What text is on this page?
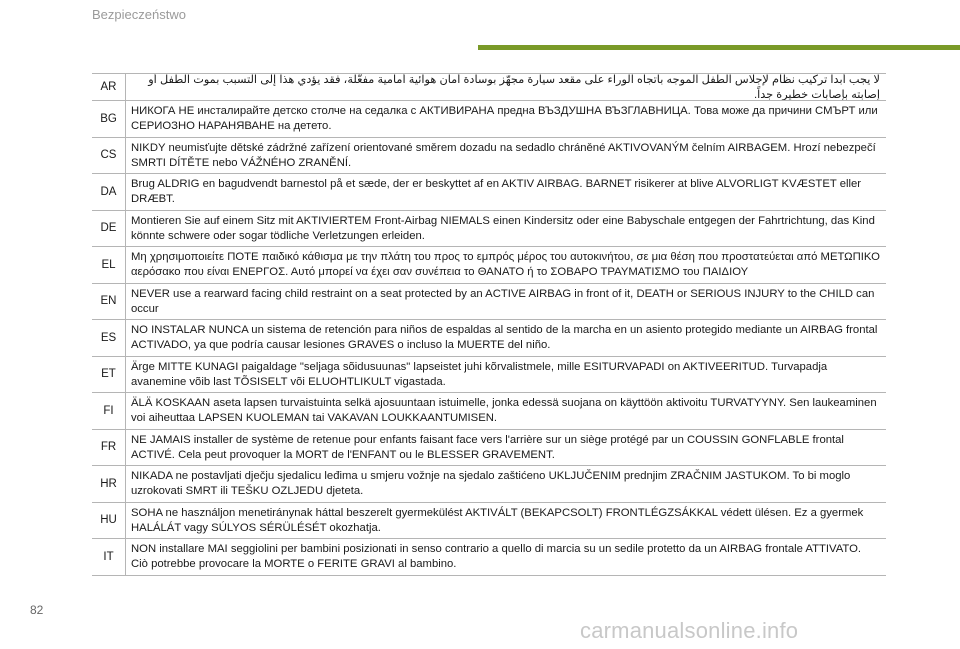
Bezpieczeństwo
AR
لا يجب أبداً تركيب نظام لإجلاس الطفل الموجه باتجاه الوراء على مقعد سيارة مجهّز بوسادة أمان هوائية أمامية مفعّلة، فقد يؤدي هذا إلى التسبب بموت الطفل أو إصابته بإصابات خطيرة جداً.
BG
НИКОГА НЕ инсталирайте детско столче на седалка с АКТИВИРАНА предна ВЪЗДУШНА ВЪЗГЛАВНИЦА. Това може да причини СМЪРТ или СЕРИОЗНО НАРАНЯВАНЕ на детето.
CS
NIKDY neumisťujte dětské zádržné zařízení orientované směrem dozadu na sedadlo chráněné AKTIVOVANÝM čelním AIRBAGEM. Hrozí nebezpečí SMRTI DÍTĚTE nebo VÁŽNÉHO ZRANĚNÍ.
DA
Brug ALDRIG en bagudvendt barnestol på et sæde, der er beskyttet af en AKTIV AIRBAG. BARNET risikerer at blive ALVORLIGT KVÆSTET eller DRÆBT.
DE
Montieren Sie auf einem Sitz mit AKTIVIERTEM Front-Airbag NIEMALS einen Kindersitz oder eine Babyschale entgegen der Fahrtrichtung, das Kind könnte schwere oder sogar tödliche Verletzungen erleiden.
EL
Μη χρησιμοποιείτε ΠΟΤΕ παιδικό κάθισμα με την πλάτη του προς το εμπρός μέρος του αυτοκινήτου, σε μια θέση που προστατεύεται από ΜΕΤΩΠΙΚΟ αερόσακο που είναι ΕΝΕΡΓΟΣ. Αυτό μπορεί να έχει σαν συνέπεια το ΘΑΝΑΤΟ ή το ΣΟΒΑΡΟ ΤΡΑΥΜΑΤΙΣΜΟ του ΠΑΙΔΙΟΥ
EN
NEVER use a rearward facing child restraint on a seat protected by an ACTIVE AIRBAG in front of it, DEATH or SERIOUS INJURY to the CHILD can occur
ES
NO INSTALAR NUNCA un sistema de retención para niños de espaldas al sentido de la marcha en un asiento protegido mediante un AIRBAG frontal ACTIVADO, ya que podría causar lesiones GRAVES o incluso la MUERTE del niño.
ET
Ärge MITTE KUNAGI paigaldage "seljaga sõidusuunas" lapseistet juhi kõrvalistmele, mille ESITURVAPADI on AKTIVEERITUD. Turvapadja avanemine võib last TÕSISELT või ELUOHTLIKULT vigastada.
FI
ÄLÄ KOSKAAN aseta lapsen turvaistuinta selkä ajosuuntaan istuimelle, jonka edessä suojana on käyttöön aktivoitu TURVATYYNY. Sen laukeaminen voi aiheuttaa LAPSEN KUOLEMAN tai VAKAVAN LOUKKAANTUMISEN.
FR
NE JAMAIS installer de système de retenue pour enfants faisant face vers l'arrière sur un siège protégé par un COUSSIN GONFLABLE frontal ACTIVÉ. Cela peut provoquer la MORT de l'ENFANT ou le BLESSER GRAVEMENT.
HR
NIKADA ne postavljati dječju sjedalicu leđima u smjeru vožnje na sjedalo zaštićeno UKLJUČENIM prednjim ZRAČNIM JASTUKOM. To bi moglo uzrokovati SMRT ili TEŠKU OZLJEDU djeteta.
HU
SOHA ne használjon menetiránynak háttal beszerelt gyermekülést AKTIVÁLT (BEKAPCSOLT) FRONTLÉGZSÁKKAL védett ülésen. Ez a gyermek HALÁLÁT vagy SÚLYOS SÉRÜLÉSÉT okozhatja.
IT
NON installare MAI seggiolini per bambini posizionati in senso contrario a quello di marcia su un sedile protetto da un AIRBAG frontale ATTIVATO. Ciò potrebbe provocare la MORTE o FERITE GRAVI al bambino.
82
carmanualsonline.info
